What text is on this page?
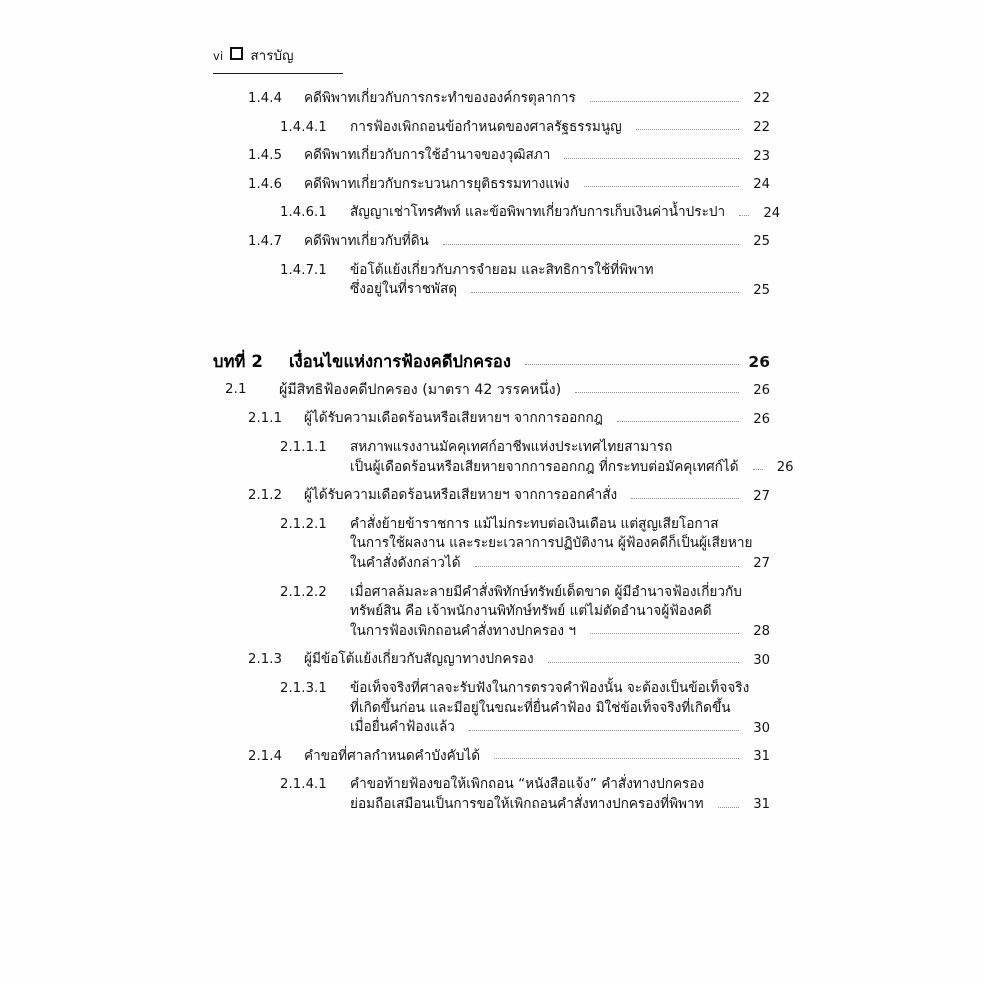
vi สารบัญ
1.4.4	คดีพิพาทเกี่ยวกับการกระทำขององค์กรตุลาการ	22
1.4.4.1	การฟ้องเพิกถอนข้อกำหนดของศาลรัฐธรรมนูญ	22
1.4.5	คดีพิพาทเกี่ยวกับการใช้อำนาจของวุฒิสภา	23
1.4.6	คดีพิพาทเกี่ยวกับกระบวนการยุติธรรมทางแพ่ง	24
1.4.6.1	สัญญาเช่าโทรศัพท์ และข้อพิพาทเกี่ยวกับการเก็บเงินค่าน้ำประปา	24
1.4.7	คดีพิพาทเกี่ยวกับที่ดิน	25
1.4.7.1	ข้อโต้แย้งเกี่ยวกับภารจำยอม และสิทธิการใช้ที่พิพาท
ซึ่งอยู่ในที่ราชพัสดุ	25
บทที่ 2	เงื่อนไขแห่งการฟ้องคดีปกครอง	26
2.1	ผู้มีสิทธิฟ้องคดีปกครอง (มาตรา 42 วรรคหนึ่ง)	26
2.1.1	ผู้ได้รับความเดือดร้อนหรือเสียหายฯ จากการออกกฎ	26
2.1.1.1	สหภาพแรงงานมัคคุเทศก์อาชีพแห่งประเทศไทยสามารถ
เป็นผู้เดือดร้อนหรือเสียหายจากการออกกฎ ที่กระทบต่อมัคคุเทศก์ได้	26
2.1.2	ผู้ได้รับความเดือดร้อนหรือเสียหายฯ จากการออกคำสั่ง	27
2.1.2.1	คำสั่งย้ายข้าราชการ แม้ไม่กระทบต่อเงินเดือน แต่สูญเสียโอกาส
ในการใช้ผลงาน และระยะเวลาการปฏิบัติงาน ผู้ฟ้องคดีก็เป็นผู้เสียหาย
ในคำสั่งดังกล่าวได้	27
2.1.2.2	เมื่อศาลล้มละลายมีคำสั่งพิทักษ์ทรัพย์เด็ดขาด ผู้มีอำนาจฟ้องเกี่ยวกับ
ทรัพย์สิน คือ เจ้าพนักงานพิทักษ์ทรัพย์ แต่ไม่ตัดอำนาจผู้ฟ้องคดี
ในการฟ้องเพิกถอนคำสั่งทางปกครอง ฯ	28
2.1.3	ผู้มีข้อโต้แย้งเกี่ยวกับสัญญาทางปกครอง	30
2.1.3.1	ข้อเท็จจริงที่ศาลจะรับฟังในการตรวจคำฟ้องนั้น จะต้องเป็นข้อเท็จจริง
ที่เกิดขึ้นก่อน และมีอยู่ในขณะที่ยื่นคำฟ้อง มิใช่ข้อเท็จจริงที่เกิดขึ้น
เมื่อยื่นคำฟ้องแล้ว	30
2.1.4	คำขอที่ศาลกำหนดคำบังคับได้	31
2.1.4.1	คำขอท้ายฟ้องขอให้เพิกถอน “หนังสือแจ้ง” คำสั่งทางปกครอง
ย่อมถือเสมือนเป็นการขอให้เพิกถอนคำสั่งทางปกครองที่พิพาท	31
